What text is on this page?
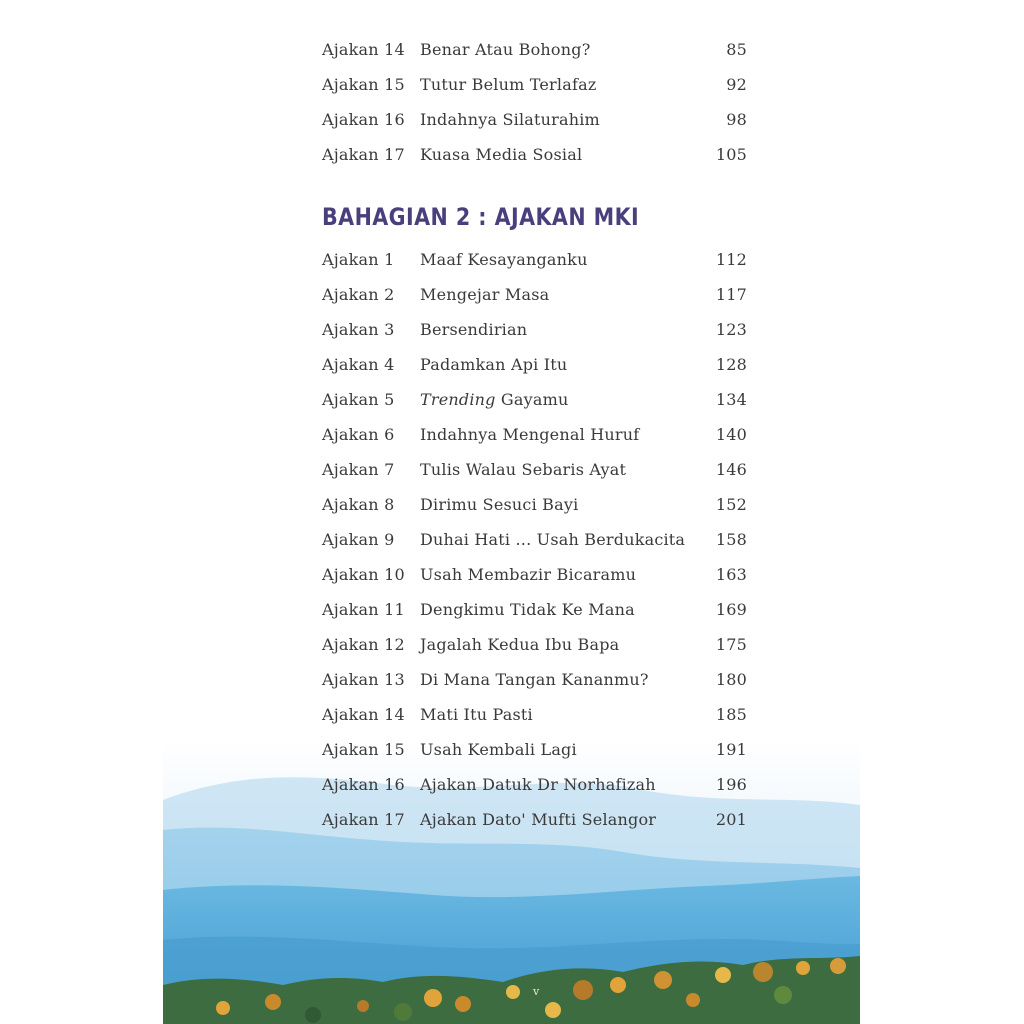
Ajakan 14 Benar Atau Bohong?	85
Ajakan 15 Tutur Belum Terlafaz	92
Ajakan 16 Indahnya Silaturahim	98
Ajakan 17 Kuasa Media Sosial	105
BAHAGIAN 2 : AJAKAN MKI
Ajakan 1 Maaf Kesayanganku	112
Ajakan 2 Mengejar Masa	117
Ajakan 3 Bersendirian	123
Ajakan 4 Padamkan Api Itu	128
Ajakan 5 Trending Gayamu	134
Ajakan 6 Indahnya Mengenal Huruf	140
Ajakan 7 Tulis Walau Sebaris Ayat	146
Ajakan 8 Dirimu Sesuci Bayi	152
Ajakan 9 Duhai Hati ... Usah Berdukacita 158
Ajakan 10 Usah Membazir Bicaramu	163
Ajakan 11 Dengkimu Tidak Ke Mana	169
Ajakan 12 Jagalah Kedua Ibu Bapa	175
Ajakan 13 Di Mana Tangan Kananmu?	180
Ajakan 14 Mati Itu Pasti	185
Ajakan 15 Usah Kembali Lagi	191
Ajakan 16 Ajakan Datuk Dr Norhafizah	196
Ajakan 17 Ajakan Dato' Mufti Selangor	201
v
